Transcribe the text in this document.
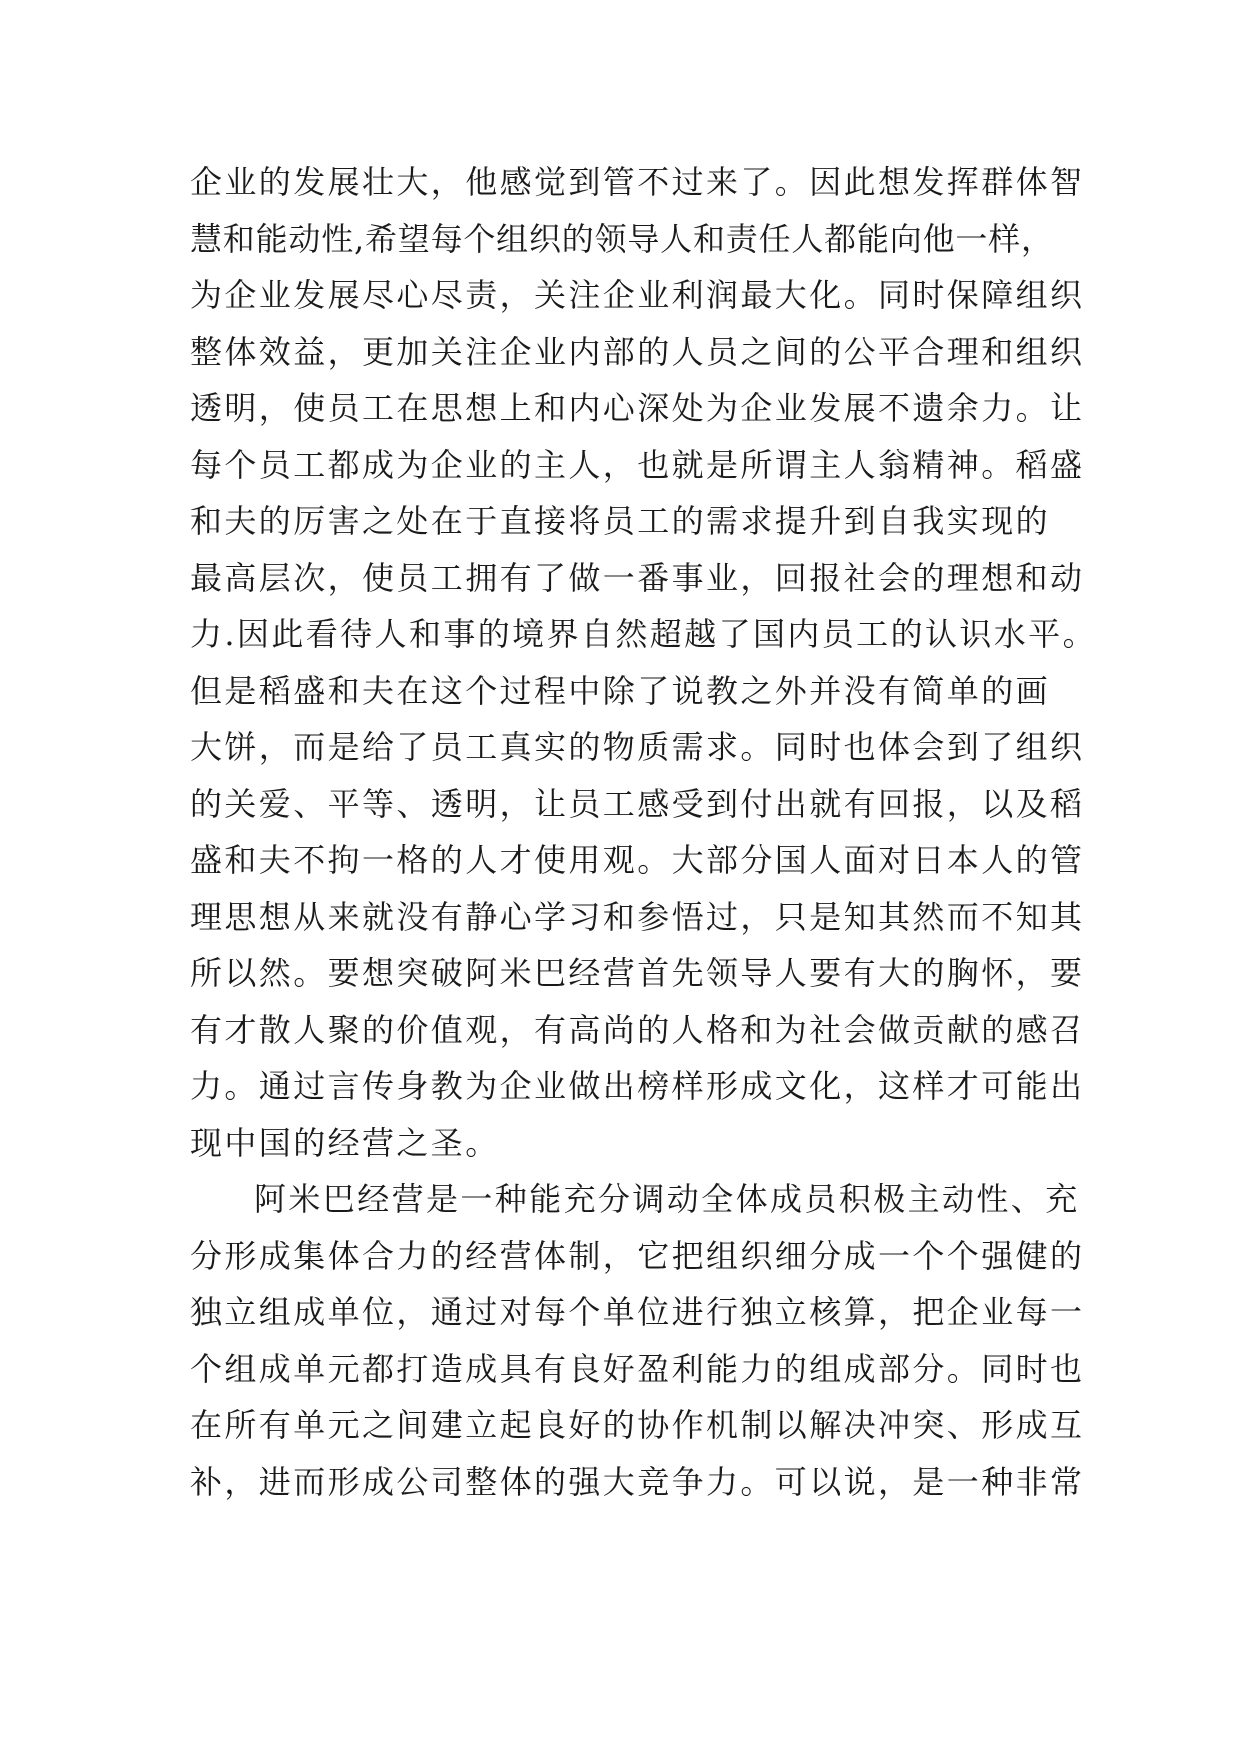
企业的发展壮大，他感觉到管不过来了。因此想发挥群体智
慧和能动性,希望每个组织的领导人和责任人都能向他一样，
为企业发展尽心尽责，关注企业利润最大化。同时保障组织
整体效益，更加关注企业内部的人员之间的公平合理和组织
透明，使员工在思想上和内心深处为企业发展不遗余力。让
每个员工都成为企业的主人，也就是所谓主人翁精神。稻盛
和夫的厉害之处在于直接将员工的需求提升到自我实现的
最高层次，使员工拥有了做一番事业，回报社会的理想和动
力.因此看待人和事的境界自然超越了国内员工的认识水平。
但是稻盛和夫在这个过程中除了说教之外并没有简单的画
大饼，而是给了员工真实的物质需求。同时也体会到了组织
的关爱、平等、透明，让员工感受到付出就有回报，以及稻
盛和夫不拘一格的人才使用观。大部分国人面对日本人的管
理思想从来就没有静心学习和参悟过，只是知其然而不知其
所以然。要想突破阿米巴经营首先领导人要有大的胸怀，要
有才散人聚的价值观，有高尚的人格和为社会做贡献的感召
力。通过言传身教为企业做出榜样形成文化，这样才可能出
现中国的经营之圣。
阿米巴经营是一种能充分调动全体成员积极主动性、充
分形成集体合力的经营体制，它把组织细分成一个个强健的
独立组成单位，通过对每个单位进行独立核算，把企业每一
个组成单元都打造成具有良好盈利能力的组成部分。同时也
在所有单元之间建立起良好的协作机制以解决冲突、形成互
补，进而形成公司整体的强大竞争力。可以说，是一种非常
